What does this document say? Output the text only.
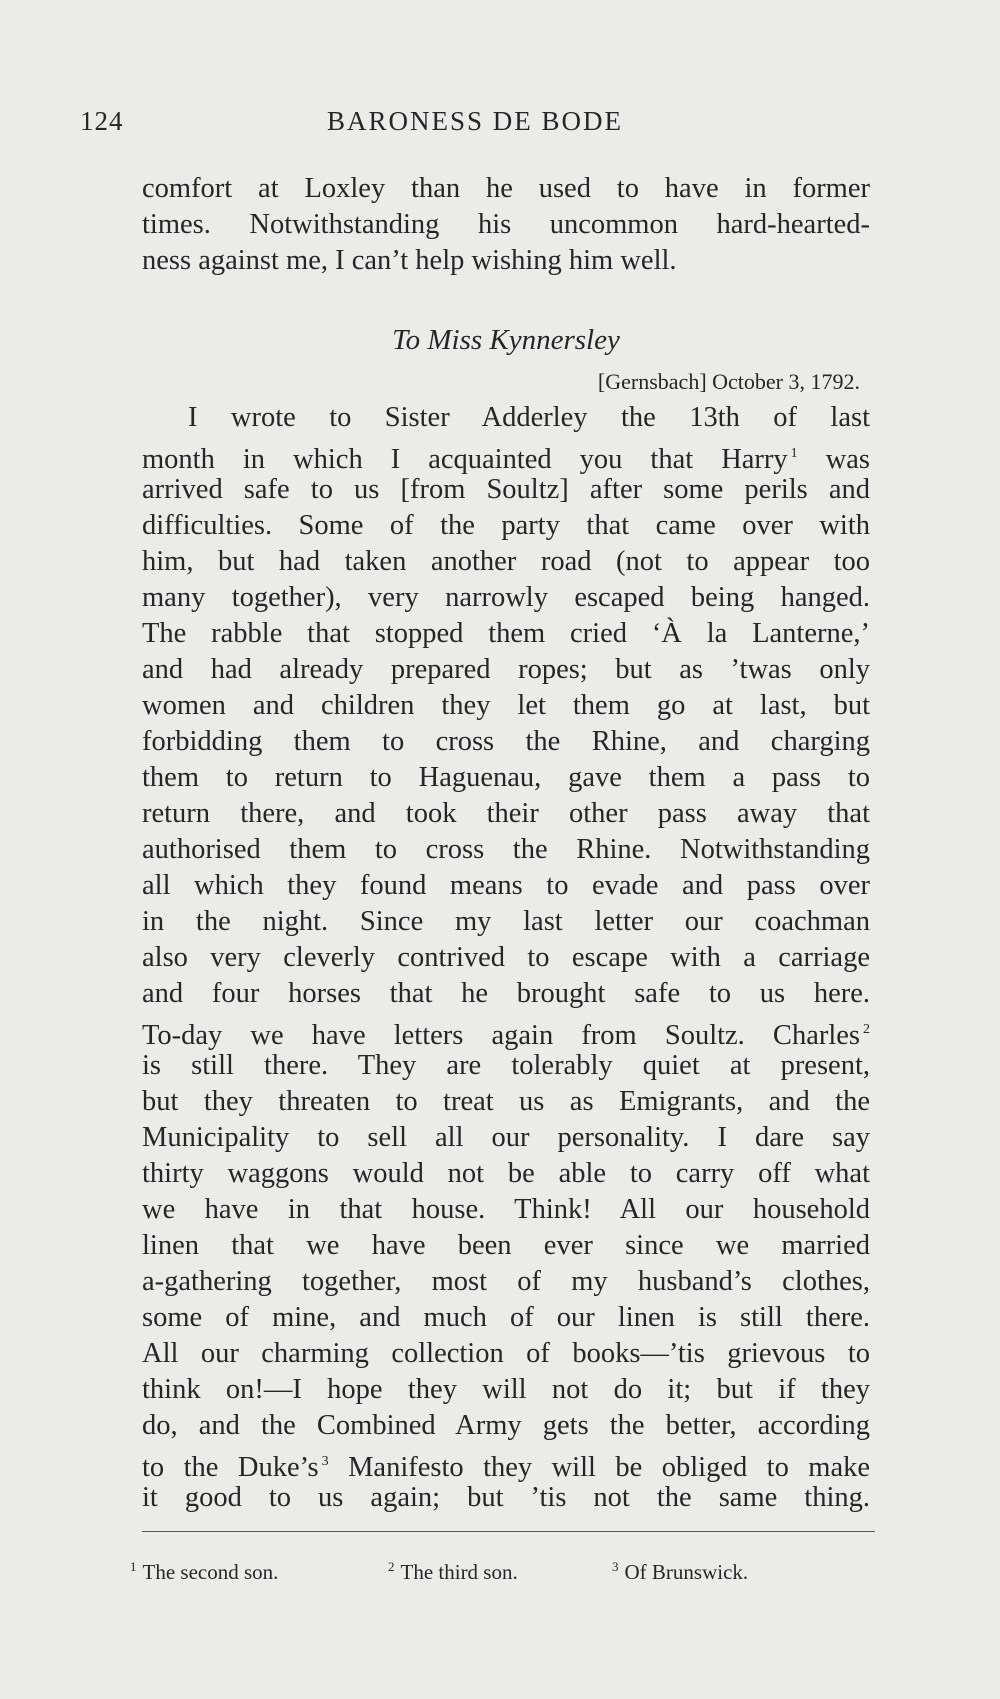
124	BARONESS DE BODE
comfort at Loxley than he used to have in former
times. Notwithstanding his uncommon hard-hearted-
ness against me, I can’t help wishing him well.
To Miss Kynnersley
[Gernsbach] October 3, 1792.
I wrote to Sister Adderley the 13th of last
month in which I acquainted you that Harry $^1$ was
arrived safe to us [from Soultz] after some perils and
difficulties. Some of the party that came over with
him, but had taken another road (not to appear too
many together), very narrowly escaped being hanged.
The rabble that stopped them cried ‘À la Lanterne,’
and had already prepared ropes; but as ’twas only
women and children they let them go at last, but
forbidding them to cross the Rhine, and charging
them to return to Haguenau, gave them a pass to
return there, and took their other pass away that
authorised them to cross the Rhine. Notwithstanding
all which they found means to evade and pass over
in the night. Since my last letter our coachman
also very cleverly contrived to escape with a carriage
and four horses that he brought safe to us here.
To-day we have letters again from Soultz. Charles $^2$
is still there. They are tolerably quiet at present,
but they threaten to treat us as Emigrants, and the
Municipality to sell all our personality. I dare say
thirty waggons would not be able to carry off what
we have in that house. Think! All our household
linen that we have been ever since we married
a-gathering together, most of my husband’s clothes,
some of mine, and much of our linen is still there.
All our charming collection of books—’tis grievous to
think on!—I hope they will not do it; but if they
do, and the Combined Army gets the better, according
to the Duke’s $^3$ Manifesto they will be obliged to make
it good to us again; but ’tis not the same thing.
$^1$ The second son.	$^2$ The third son.	$^3$ Of Brunswick.
